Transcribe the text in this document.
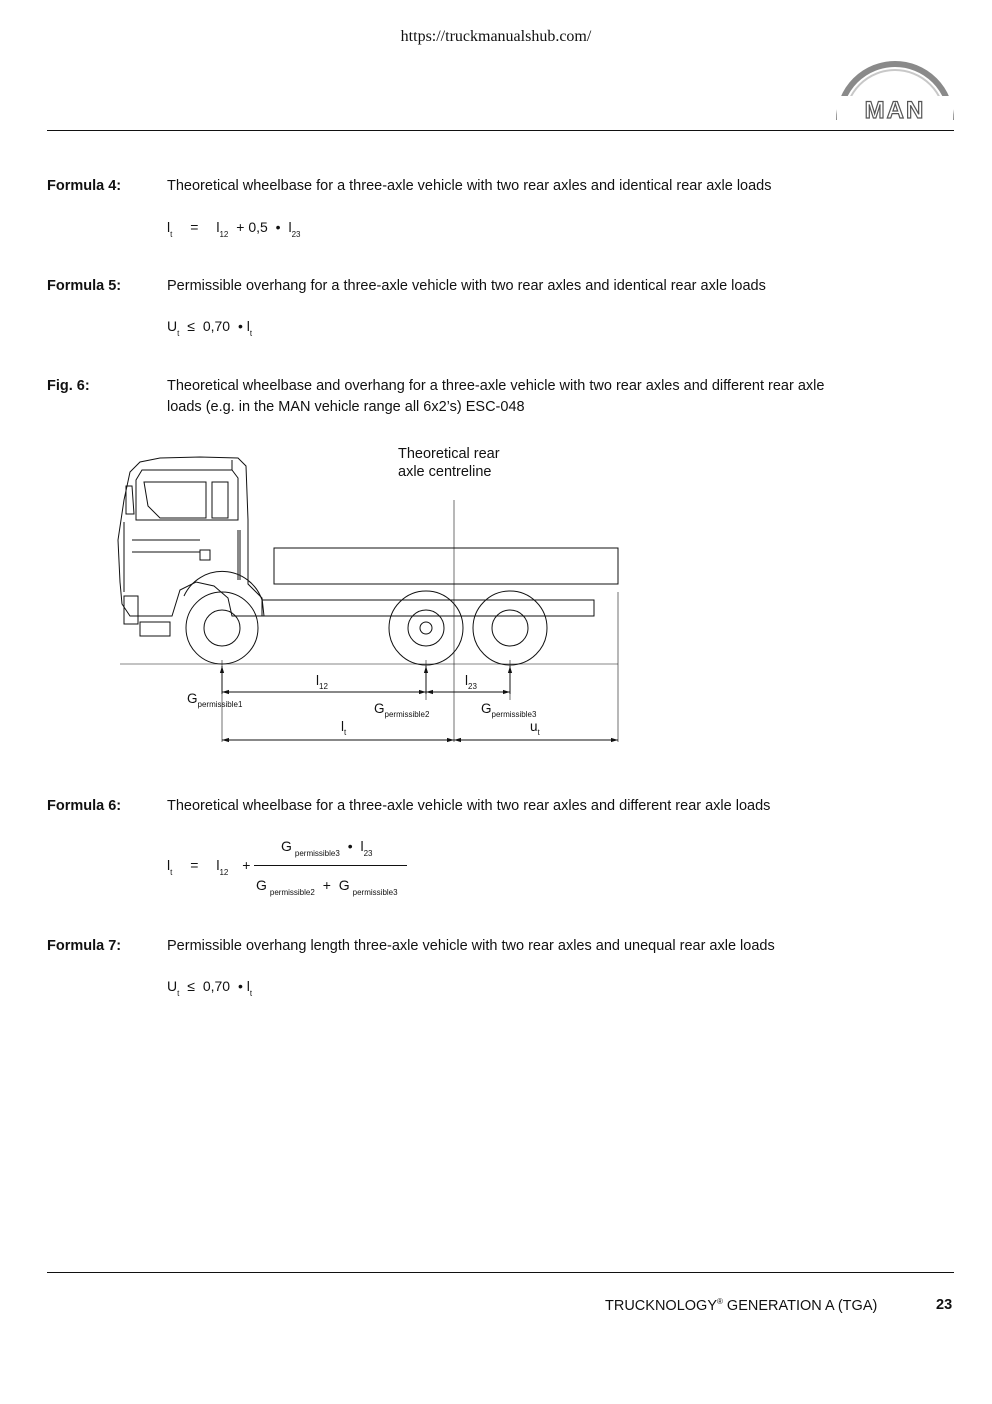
https://truckmanualshub.com/
MAN
Formula 4:	Theoretical wheelbase for a three-axle vehicle with two rear axles and identical rear axle loads
$l_t = l_{12} + 0,5$ • $l_{23}$
Formula 5:	Permissible overhang for a three-axle vehicle with two rear axles and identical rear axle loads
$U_t \le 0,70$ • $l_t$
Fig. 6:	Theoretical wheelbase and overhang for a three-axle vehicle with two rear axles and different rear axle
loads (e.g. in the MAN vehicle range all 6x2’s) ESC-048
Theoretical rear
axle centreline
$l_{12}$	$l_{23}$
$G_{permissible1}$	$G_{permissible2}$	$G_{permissible3}$
$l_t$	$u_t$
Formula 6:	Theoretical wheelbase for a three-axle vehicle with two rear axles and different rear axle loads
$l_t = l_{12}$ +
G $_{permissible3}$ • $l_{23}$
G $_{permissible2}$ + G $_{permissible3}$
Formula 7:	Permissible overhang length three-axle vehicle with two rear axles and unequal rear axle loads
$U_t \le 0,70$ • $l_t$
TRUCKNOLOGY® GENERATION A (TGA)	23
